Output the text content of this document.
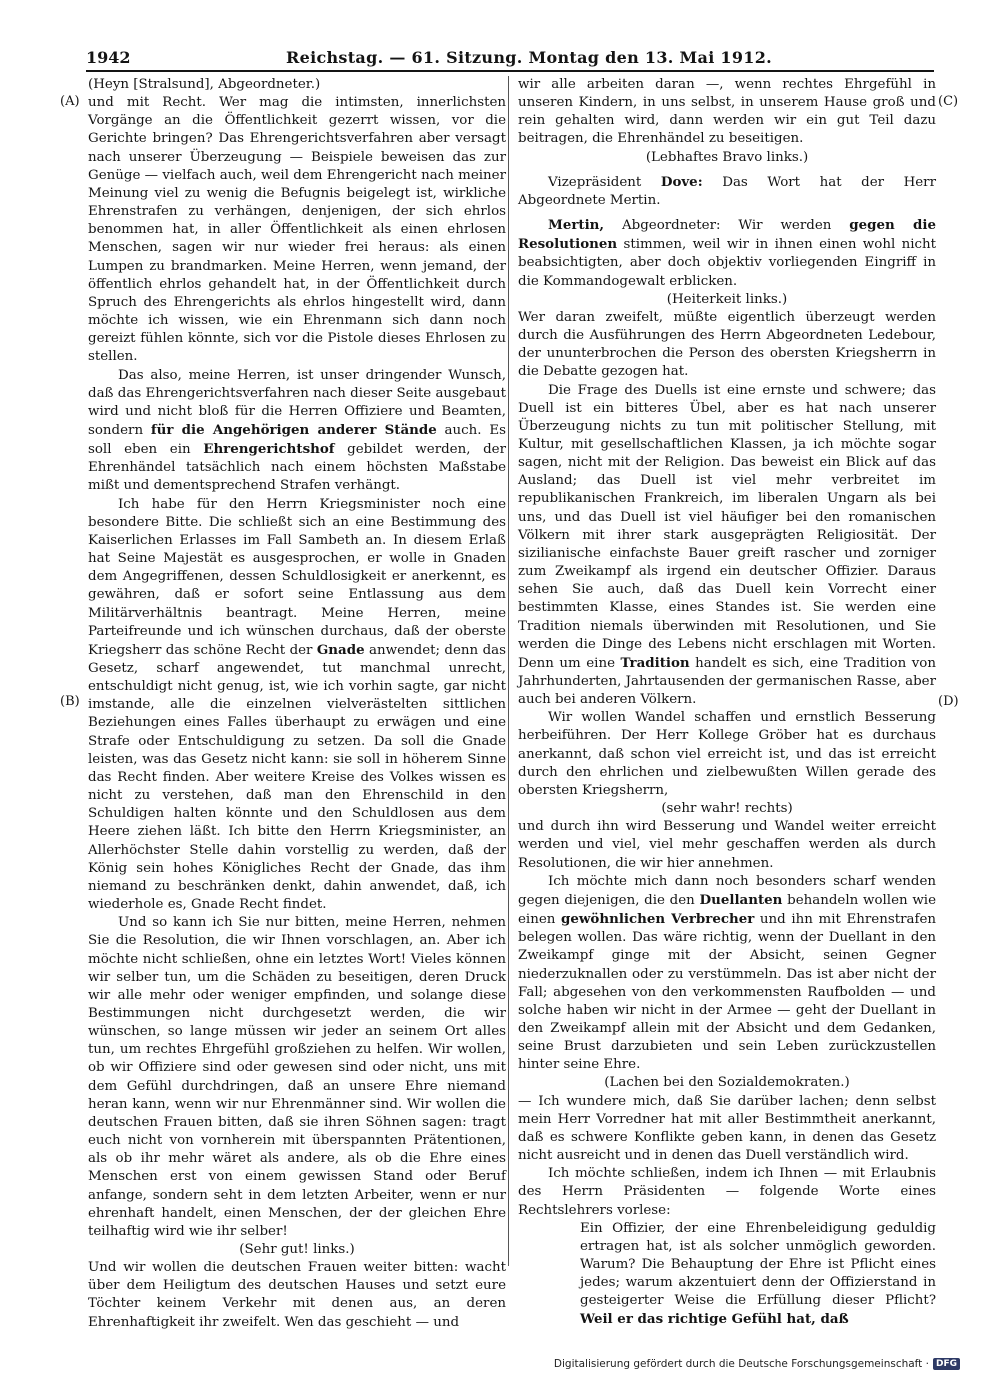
1942	Reichstag. — 61. Sitzung. Montag den 13. Mai 1912.
(A)
(B)
(C)
(D)

(Heyn [Stralsund], Abgeordneter.)

und mit Recht. Wer mag die intimsten, innerlichsten Vorgänge an die Öffentlichkeit gezerrt wissen, vor die Gerichte bringen? Das Ehrengerichtsverfahren aber versagt nach unserer Überzeugung — Beispiele beweisen das zur Genüge — vielfach auch, weil dem Ehrengericht nach meiner Meinung viel zu wenig die Befugnis beigelegt ist, wirkliche Ehrenstrafen zu verhängen, denjenigen, der sich ehrlos benommen hat, in aller Öffentlichkeit als einen ehrlosen Menschen, sagen wir nur wieder frei heraus: als einen Lumpen zu brandmarken. Meine Herren, wenn jemand, der öffentlich ehrlos gehandelt hat, in der Öffentlichkeit durch Spruch des Ehrengerichts als ehrlos hingestellt wird, dann möchte ich wissen, wie ein Ehrenmann sich dann noch gereizt fühlen könnte, sich vor die Pistole dieses Ehrlosen zu stellen.

Das also, meine Herren, ist unser dringender Wunsch, daß das Ehrengerichtsverfahren nach dieser Seite ausgebaut wird und nicht bloß für die Herren Offiziere und Beamten, sondern für die Angehörigen anderer Stände auch. Es soll eben ein Ehrengerichtshof gebildet werden, der Ehrenhändel tatsächlich nach einem höchsten Maßstabe mißt und dementsprechend Strafen verhängt.

Ich habe für den Herrn Kriegsminister noch eine besondere Bitte. Die schließt sich an eine Bestimmung des Kaiserlichen Erlasses im Fall Sambeth an. In diesem Erlaß hat Seine Majestät es ausgesprochen, er wolle in Gnaden dem Angegriffenen, dessen Schuldlosigkeit er anerkennt, es gewähren, daß er sofort seine Entlassung aus dem Militärverhältnis beantragt. Meine Herren, meine Parteifreunde und ich wünschen durchaus, daß der oberste Kriegsherr das schöne Recht der Gnade anwendet; denn das Gesetz, scharf angewendet, tut manchmal unrecht, entschuldigt nicht genug, ist, wie ich vorhin sagte, gar nicht imstande, alle die einzelnen vielverästelten sittlichen Beziehungen eines Falles überhaupt zu erwägen und eine Strafe oder Entschuldigung zu setzen. Da soll die Gnade leisten, was das Gesetz nicht kann: sie soll in höherem Sinne das Recht finden. Aber weitere Kreise des Volkes wissen es nicht zu verstehen, daß man den Ehrenschild in den Schuldigen halten könnte und den Schuldlosen aus dem Heere ziehen läßt. Ich bitte den Herrn Kriegsminister, an Allerhöchster Stelle dahin vorstellig zu werden, daß der König sein hohes Königliches Recht der Gnade, das ihm niemand zu beschränken denkt, dahin anwendet, daß, ich wiederhole es, Gnade Recht findet.

Und so kann ich Sie nur bitten, meine Herren, nehmen Sie die Resolution, die wir Ihnen vorschlagen, an. Aber ich möchte nicht schließen, ohne ein letztes Wort! Vieles können wir selber tun, um die Schäden zu beseitigen, deren Druck wir alle mehr oder weniger empfinden, und solange diese Bestimmungen nicht durchgesetzt werden, die wir wünschen, so lange müssen wir jeder an seinem Ort alles tun, um rechtes Ehrgefühl großziehen zu helfen. Wir wollen, ob wir Offiziere sind oder gewesen sind oder nicht, uns mit dem Gefühl durchdringen, daß an unsere Ehre niemand heran kann, wenn wir nur Ehrenmänner sind. Wir wollen die deutschen Frauen bitten, daß sie ihren Söhnen sagen: tragt euch nicht von vornherein mit überspannten Prätentionen, als ob ihr mehr wäret als andere, als ob die Ehre eines Menschen erst von einem gewissen Stand oder Beruf anfange, sondern seht in dem letzten Arbeiter, wenn er nur ehrenhaft handelt, einen Menschen, der der gleichen Ehre teilhaftig wird wie ihr selber!

(Sehr gut! links.)

Und wir wollen die deutschen Frauen weiter bitten: wacht über dem Heiligtum des deutschen Hauses und setzt eure Töchter keinem Verkehr mit denen aus, an deren Ehrenhaftigkeit ihr zweifelt. Wen das geschieht — und

wir alle arbeiten daran —, wenn rechtes Ehrgefühl in unseren Kindern, in uns selbst, in unserem Hause groß und rein gehalten wird, dann werden wir ein gut Teil dazu beitragen, die Ehrenhändel zu beseitigen.

(Lebhaftes Bravo links.)

Vizepräsident Dove: Das Wort hat der Herr Abgeordnete Mertin.

Mertin, Abgeordneter: Wir werden gegen die Resolutionen stimmen, weil wir in ihnen einen wohl nicht beabsichtigten, aber doch objektiv vorliegenden Eingriff in die Kommandogewalt erblicken.

(Heiterkeit links.)

Wer daran zweifelt, müßte eigentlich überzeugt werden durch die Ausführungen des Herrn Abgeordneten Ledebour, der ununterbrochen die Person des obersten Kriegsherrn in die Debatte gezogen hat.

Die Frage des Duells ist eine ernste und schwere; das Duell ist ein bitteres Übel, aber es hat nach unserer Überzeugung nichts zu tun mit politischer Stellung, mit Kultur, mit gesellschaftlichen Klassen, ja ich möchte sogar sagen, nicht mit der Religion. Das beweist ein Blick auf das Ausland; das Duell ist viel mehr verbreitet im republikanischen Frankreich, im liberalen Ungarn als bei uns, und das Duell ist viel häufiger bei den romanischen Völkern mit ihrer stark ausgeprägten Religiosität. Der sizilianische einfachste Bauer greift rascher und zorniger zum Zweikampf als irgend ein deutscher Offizier. Daraus sehen Sie auch, daß das Duell kein Vorrecht einer bestimmten Klasse, eines Standes ist. Sie werden eine Tradition niemals überwinden mit Resolutionen, und Sie werden die Dinge des Lebens nicht erschlagen mit Worten. Denn um eine Tradition handelt es sich, eine Tradition von Jahrhunderten, Jahrtausenden der germanischen Rasse, aber auch bei anderen Völkern.

Wir wollen Wandel schaffen und ernstlich Besserung herbeiführen. Der Herr Kollege Gröber hat es durchaus anerkannt, daß schon viel erreicht ist, und das ist erreicht durch den ehrlichen und zielbewußten Willen gerade des obersten Kriegsherrn,

(sehr wahr! rechts)

und durch ihn wird Besserung und Wandel weiter erreicht werden und viel, viel mehr geschaffen werden als durch Resolutionen, die wir hier annehmen.

Ich möchte mich dann noch besonders scharf wenden gegen diejenigen, die den Duellanten behandeln wollen wie einen gewöhnlichen Verbrecher und ihn mit Ehrenstrafen belegen wollen. Das wäre richtig, wenn der Duellant in den Zweikampf ginge mit der Absicht, seinen Gegner niederzuknallen oder zu verstümmeln. Das ist aber nicht der Fall; abgesehen von den verkommensten Raufbolden — und solche haben wir nicht in der Armee — geht der Duellant in den Zweikampf allein mit der Absicht und dem Gedanken, seine Brust darzubieten und sein Leben zurückzustellen hinter seine Ehre.

(Lachen bei den Sozialdemokraten.)

— Ich wundere mich, daß Sie darüber lachen; denn selbst mein Herr Vorredner hat mit aller Bestimmtheit anerkannt, daß es schwere Konflikte geben kann, in denen das Gesetz nicht ausreicht und in denen das Duell verständlich wird.

Ich möchte schließen, indem ich Ihnen — mit Erlaubnis des Herrn Präsidenten — folgende Worte eines Rechtslehrers vorlese:

Ein Offizier, der eine Ehrenbeleidigung geduldig ertragen hat, ist als solcher unmöglich geworden. Warum? Die Behauptung der Ehre ist Pflicht eines jedes; warum akzentuiert denn der Offizierstand in gesteigerter Weise die Erfüllung dieser Pflicht? Weil er das richtige Gefühl hat, daß

Digitalisierung gefördert durch die Deutsche Forschungsgemeinschaft · DFG
